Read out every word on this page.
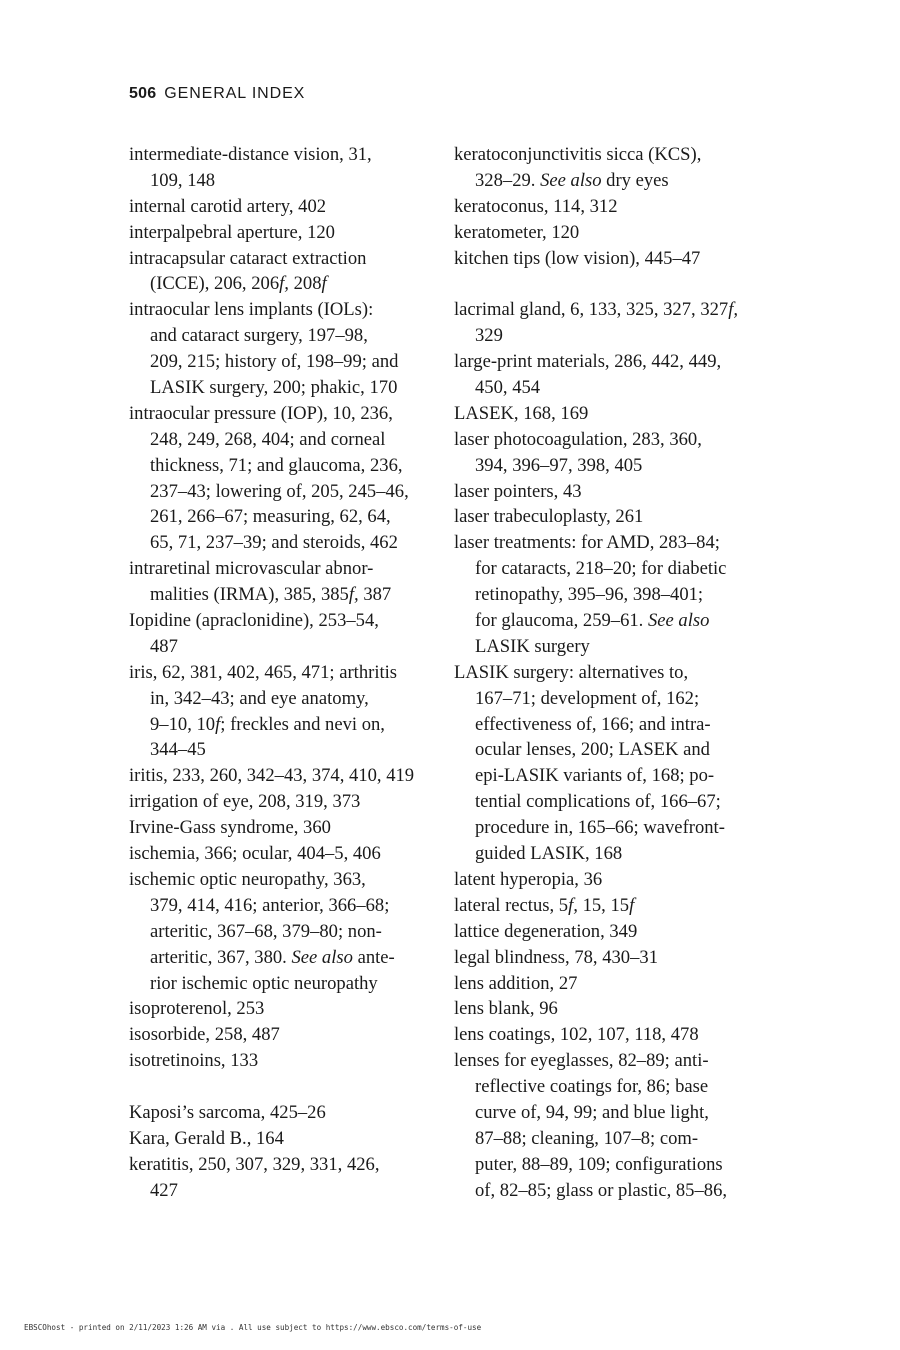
506 GENERAL INDEX
intermediate-distance vision, 31,
109, 148
internal carotid artery, 402
interpalpebral aperture, 120
intracapsular cataract extraction
(ICCE), 206, 206f, 208f
intraocular lens implants (IOLs):
and cataract surgery, 197–98,
209, 215; history of, 198–99; and
LASIK surgery, 200; phakic, 170
intraocular pressure (IOP), 10, 236,
248, 249, 268, 404; and corneal
thickness, 71; and glaucoma, 236,
237–43; lowering of, 205, 245–46,
261, 266–67; measuring, 62, 64,
65, 71, 237–39; and steroids, 462
intraretinal microvascular abnor-
malities (IRMA), 385, 385f, 387
Iopidine (apraclonidine), 253–54,
487
iris, 62, 381, 402, 465, 471; arthritis
in, 342–43; and eye anatomy,
9–10, 10f; freckles and nevi on,
344–45
iritis, 233, 260, 342–43, 374, 410, 419
irrigation of eye, 208, 319, 373
Irvine-Gass syndrome, 360
ischemia, 366; ocular, 404–5, 406
ischemic optic neuropathy, 363,
379, 414, 416; anterior, 366–68;
arteritic, 367–68, 379–80; non-
arteritic, 367, 380. See also ante-
rior ischemic optic neuropathy
isoproterenol, 253
isosorbide, 258, 487
isotretinoins, 133
Kaposi’s sarcoma, 425–26
Kara, Gerald B., 164
keratitis, 250, 307, 329, 331, 426,
427
keratoconjunctivitis sicca (KCS),
328–29. See also dry eyes
keratoconus, 114, 312
keratometer, 120
kitchen tips (low vision), 445–47
lacrimal gland, 6, 133, 325, 327, 327f,
329
large-print materials, 286, 442, 449,
450, 454
LASEK, 168, 169
laser photocoagulation, 283, 360,
394, 396–97, 398, 405
laser pointers, 43
laser trabeculoplasty, 261
laser treatments: for AMD, 283–84;
for cataracts, 218–20; for diabetic
retinopathy, 395–96, 398–401;
for glaucoma, 259–61. See also
LASIK surgery
LASIK surgery: alternatives to,
167–71; development of, 162;
effectiveness of, 166; and intra-
ocular lenses, 200; LASEK and
epi-LASIK variants of, 168; po-
tential complications of, 166–67;
procedure in, 165–66; wavefront-
guided LASIK, 168
latent hyperopia, 36
lateral rectus, 5f, 15, 15f
lattice degeneration, 349
legal blindness, 78, 430–31
lens addition, 27
lens blank, 96
lens coatings, 102, 107, 118, 478
lenses for eyeglasses, 82–89; anti-
reflective coatings for, 86; base
curve of, 94, 99; and blue light,
87–88; cleaning, 107–8; com-
puter, 88–89, 109; configurations
of, 82–85; glass or plastic, 85–86,
EBSCOhost - printed on 2/11/2023 1:26 AM via . All use subject to https://www.ebsco.com/terms-of-use
